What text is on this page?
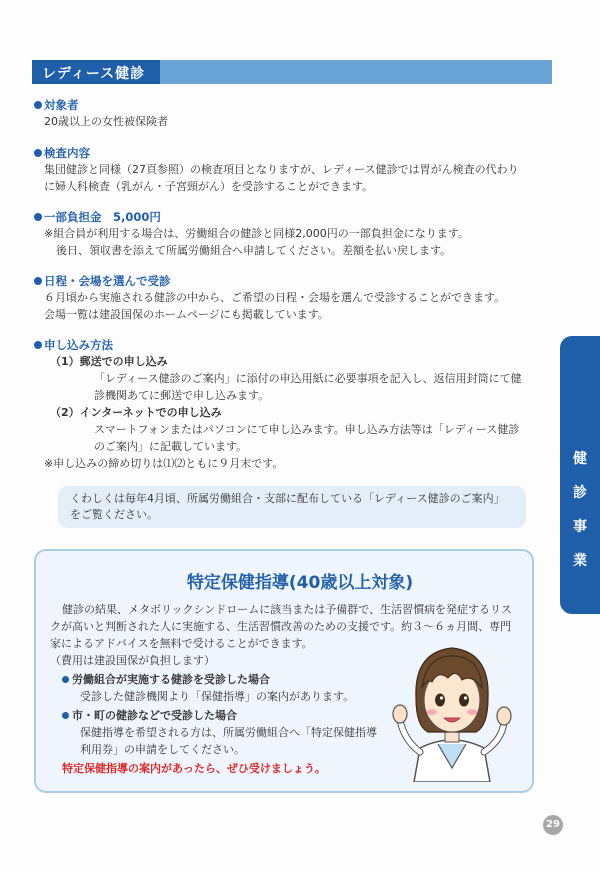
レディース健診
対象者
20歳以上の女性被保険者
検査内容
集団健診と同様（27頁参照）の検査項目となりますが、レディース健診では胃がん検査の代わり
に婦人科検査（乳がん・子宮頸がん）を受診することができます。
一部負担金　5,000円
※組合員が利用する場合は、労働組合の健診と同様2,000円の一部負担金になります。
後日、領収書を添えて所属労働組合へ申請してください。差額を払い戻します。
日程・会場を選んで受診
６月頃から実施される健診の中から、ご希望の日程・会場を選んで受診することができます。
会場一覧は建設国保のホームページにも掲載しています。
申し込み方法
（1）郵送での申し込み
「レディース健診のご案内」に添付の申込用紙に必要事項を記入し、返信用封筒にて健
診機関あてに郵送で申し込みます。
（2）インターネットでの申し込み
スマートフォンまたはパソコンにて申し込みます。申し込み方法等は「レディース健診
のご案内」に記載しています。
※申し込みの締め切りは⑴⑵ともに９月末です。
くわしくは毎年4月頃、所属労働組合・支部に配布している「レディース健診のご案内」
をご覧ください。
特定保健指導(40歳以上対象)
健診の結果、メタボリックシンドロームに該当または予備群で、生活習慣病を発症するリス
クが高いと判断された人に実施する、生活習慣改善のための支援です。約３〜６ヵ月間、専門
家によるアドバイスを無料で受けることができます。
（費用は建設国保が負担します）
労働組合が実施する健診を受診した場合
受診した健診機関より「保健指導」の案内があります。
市・町の健診などで受診した場合
保健指導を希望される方は、所属労働組合へ「特定保健指導
利用券」の申請をしてください。
特定保健指導の案内があったら、ぜひ受けましょう。
健
診
事
業
29
